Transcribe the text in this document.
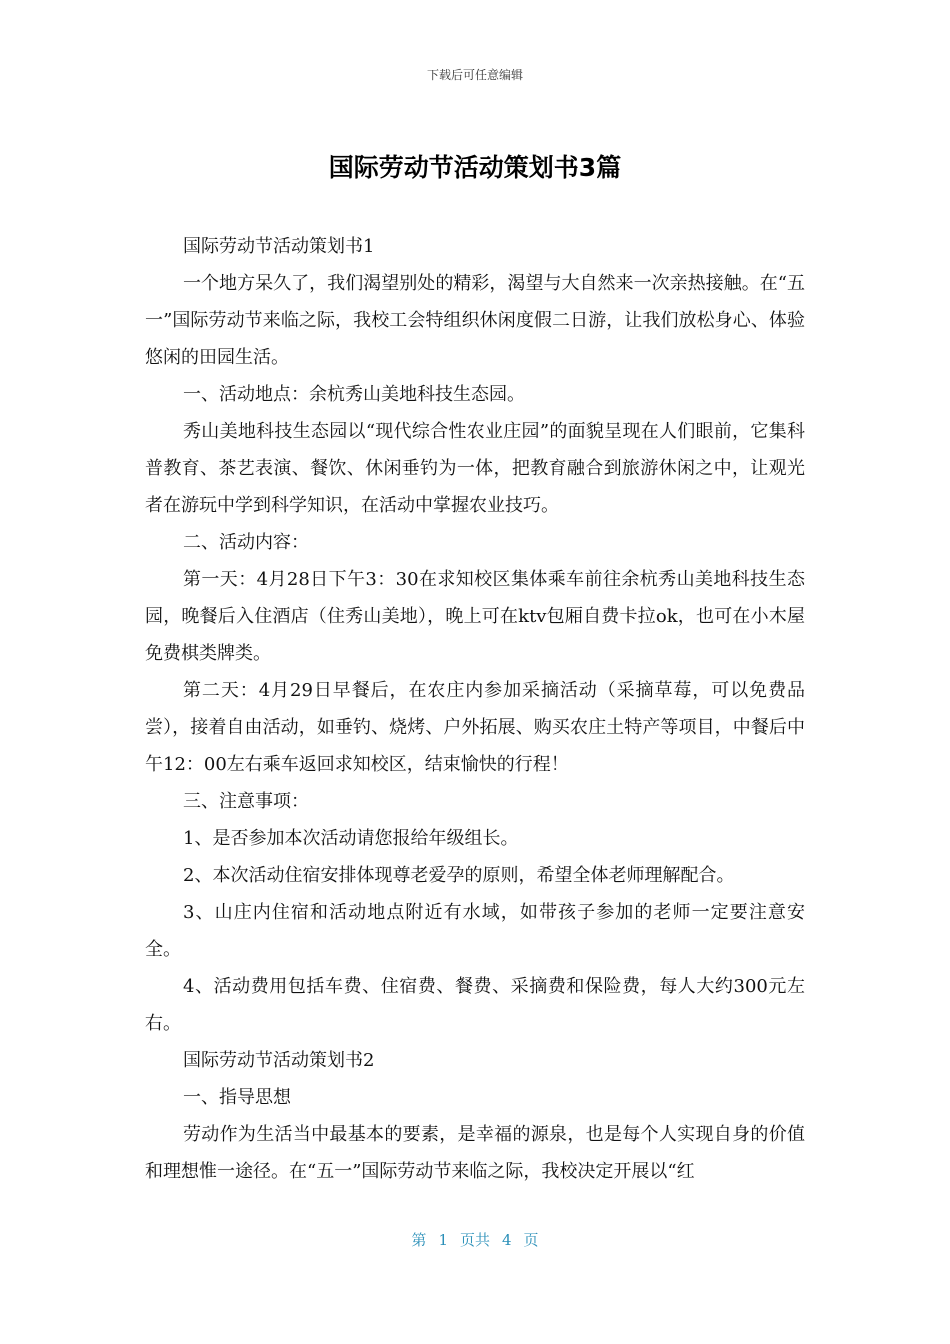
下载后可任意编辑
国际劳动节活动策划书3篇

国际劳动节活动策划书1

一个地方呆久了，我们渴望别处的精彩，渴望与大自然来一次亲热接触。在“五一”国际劳动节来临之际，我校工会特组织休闲度假二日游，让我们放松身心、体验悠闲的田园生活。

一、活动地点：余杭秀山美地科技生态园。

秀山美地科技生态园以“现代综合性农业庄园”的面貌呈现在人们眼前，它集科普教育、茶艺表演、餐饮、休闲垂钓为一体，把教育融合到旅游休闲之中，让观光者在游玩中学到科学知识，在活动中掌握农业技巧。

二、活动内容：

第一天：4月28日下午3：30在求知校区集体乘车前往余杭秀山美地科技生态园，晚餐后入住酒店（住秀山美地），晚上可在ktv包厢自费卡拉ok，也可在小木屋免费棋类牌类。

第二天：4月29日早餐后，在农庄内参加采摘活动（采摘草莓，可以免费品尝），接着自由活动，如垂钓、烧烤、户外拓展、购买农庄土特产等项目，中餐后中午12：00左右乘车返回求知校区，结束愉快的行程！

三、注意事项：

1、是否参加本次活动请您报给年级组长。

2、本次活动住宿安排体现尊老爱孕的原则，希望全体老师理解配合。

3、山庄内住宿和活动地点附近有水域，如带孩子参加的老师一定要注意安全。

4、活动费用包括车费、住宿费、餐费、采摘费和保险费，每人大约300元左右。

国际劳动节活动策划书2

一、指导思想

劳动作为生活当中最基本的要素，是幸福的源泉，也是每个人实现自身的价值和理想惟一途径。在“五一”国际劳动节来临之际，我校决定开展以“红

第 1 页共 4 页
